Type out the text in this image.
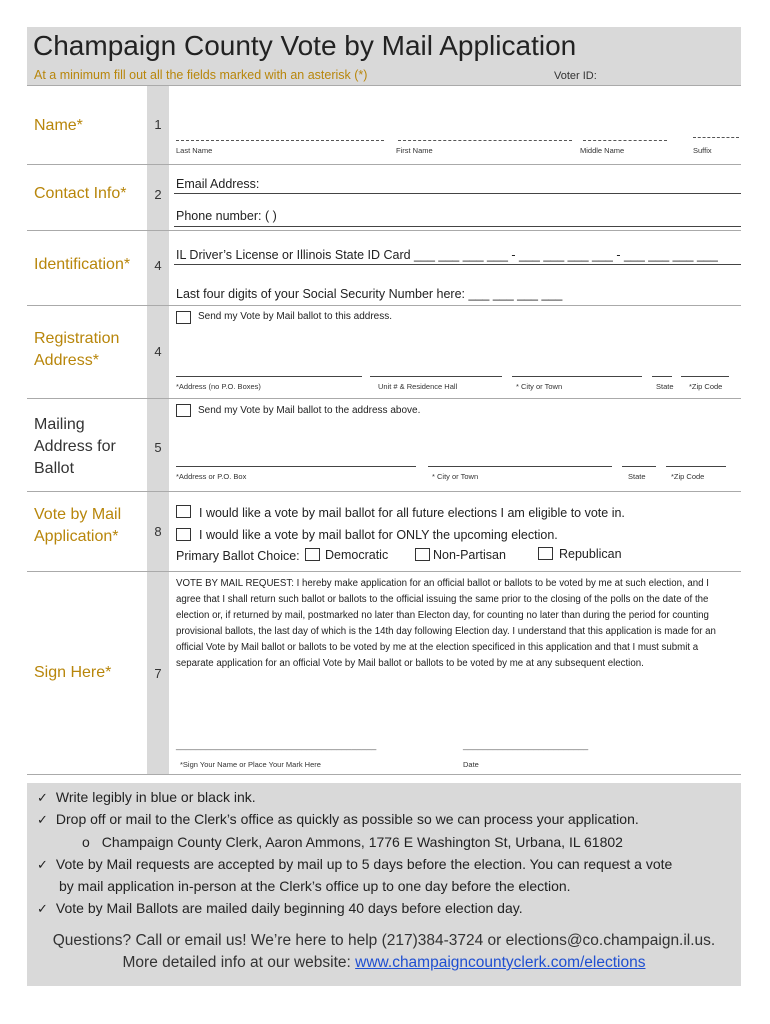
Champaign County Vote by Mail Application
At a minimum fill out all the fields marked with an asterisk (*)	Voter ID:
Name*	1
Last Name	First Name	Middle Name	Suffix
Contact Info*	2
Email Address:
Phone number: ( )
Identification*	4
IL Driver’s License or Illinois State ID Card ___ ___ ___ ___ - ___ ___ ___ ___ - ___ ___ ___ ___
Last four digits of your Social Security Number here: ___ ___ ___ ___
Registration
Address*
4
Send my Vote by Mail ballot to this address.
*Address (no P.O. Boxes)	Unit # & Residence Hall	* City or Town	State *Zip Code
Mailing
Address for
Ballot
5
Send my Vote by Mail ballot to the address above.
*Address or P.O. Box	* City or Town	State	*Zip Code
Vote by Mail
Application*	8
I would like a vote by mail ballot for all future elections I am eligible to vote in.
I would like a vote by mail ballot for ONLY the upcoming election.
Primary Ballot Choice: Democratic	Non-Partisan	Republican
Sign Here*	7
VOTE BY MAIL REQUEST: I hereby make application for an official ballot or ballots to be voted by me at such election, and I agree that I shall return such ballot or ballots to the official issuing the same prior to the closing of the polls on the date of the election or, if returned by mail, postmarked no later than Electon day, for counting no later than during the period for counting provisional ballots, the last day of which is the 14th day following Election day. I understand that this application is made for an official Vote by Mail ballot or ballots to be voted by me at the election specificed in this application and that I must submit a separate application for an official Vote by Mail ballot or ballots to be voted by me at any subsequent election.
________________________________________	_________________________
*Sign Your Name or Place Your Mark Here	Date
✓ Write legibly in blue or black ink.
✓ Drop off or mail to the Clerk’s office as quickly as possible so we can process your application.
o Champaign County Clerk, Aaron Ammons, 1776 E Washington St, Urbana, IL 61802
✓ Vote by Mail requests are accepted by mail up to 5 days before the election. You can request a vote
by mail application in-person at the Clerk’s office up to one day before the election.
✓ Vote by Mail Ballots are mailed daily beginning 40 days before election day.
Questions? Call or email us! We’re here to help (217)384-3724 or elections@co.champaign.il.us.
More detailed info at our website: www.champaigncountyclerk.com/elections
